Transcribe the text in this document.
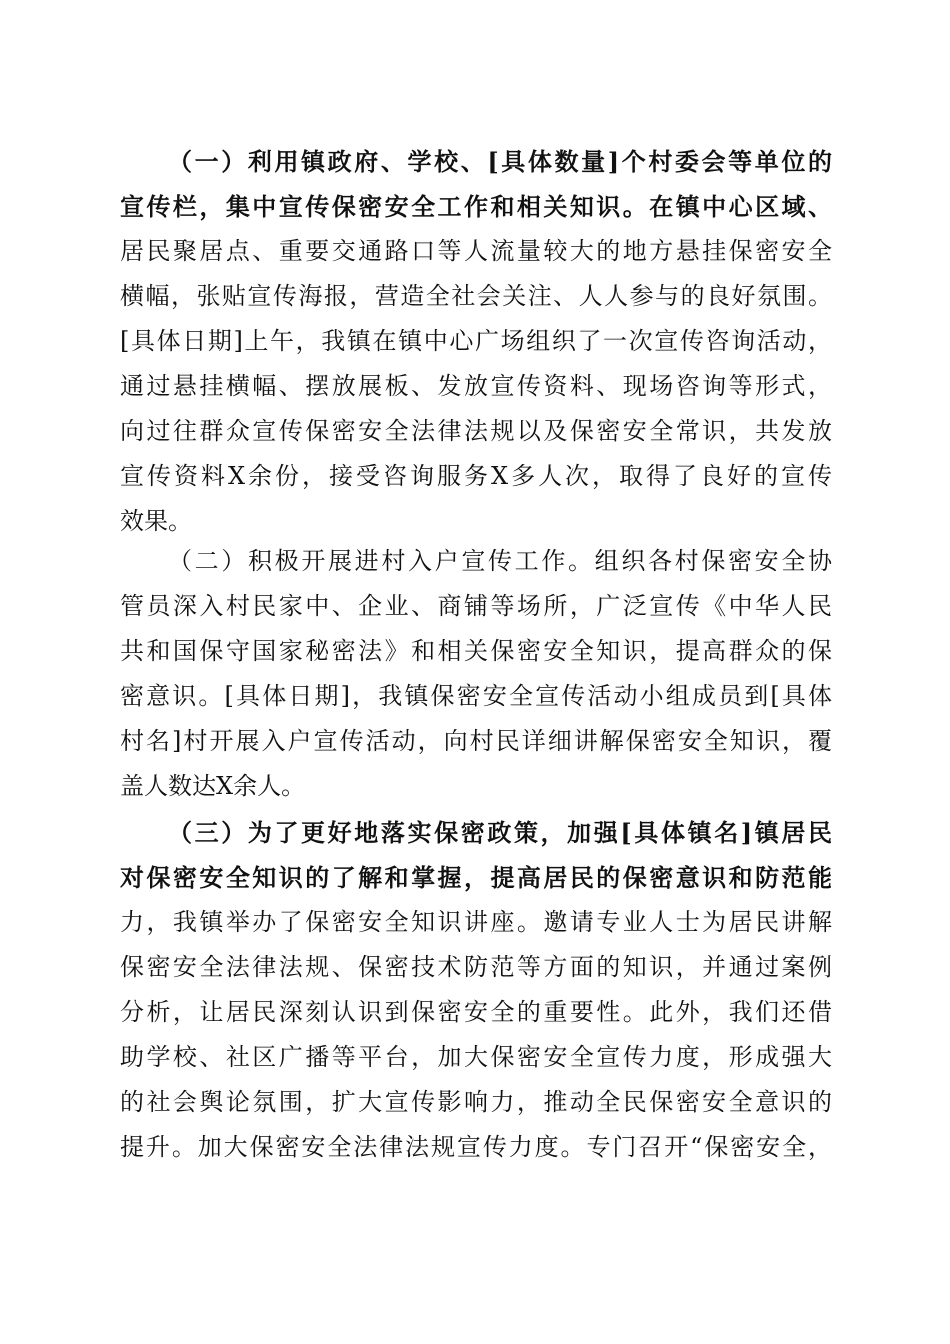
（一）利用镇政府、学校、[具体数量]个村委会等单位的
宣传栏，集中宣传保密安全工作和相关知识。在镇中心区域、
居民聚居点、重要交通路口等人流量较大的地方悬挂保密安全
横幅，张贴宣传海报，营造全社会关注、人人参与的良好氛围。
[具体日期]上午，我镇在镇中心广场组织了一次宣传咨询活动，
通过悬挂横幅、摆放展板、发放宣传资料、现场咨询等形式，
向过往群众宣传保密安全法律法规以及保密安全常识，共发放
宣传资料X余份，接受咨询服务X多人次，取得了良好的宣传
效果。
（二）积极开展进村入户宣传工作。组织各村保密安全协
管员深入村民家中、企业、商铺等场所，广泛宣传《中华人民
共和国保守国家秘密法》和相关保密安全知识，提高群众的保
密意识。[具体日期]，我镇保密安全宣传活动小组成员到[具体
村名]村开展入户宣传活动，向村民详细讲解保密安全知识，覆
盖人数达X余人。
（三）为了更好地落实保密政策，加强[具体镇名]镇居民
对保密安全知识的了解和掌握，提高居民的保密意识和防范能
力，我镇举办了保密安全知识讲座。邀请专业人士为居民讲解
保密安全法律法规、保密技术防范等方面的知识，并通过案例
分析，让居民深刻认识到保密安全的重要性。此外，我们还借
助学校、社区广播等平台，加大保密安全宣传力度，形成强大
的社会舆论氛围，扩大宣传影响力，推动全民保密安全意识的
提升。加大保密安全法律法规宣传力度。专门召开“保密安全，
